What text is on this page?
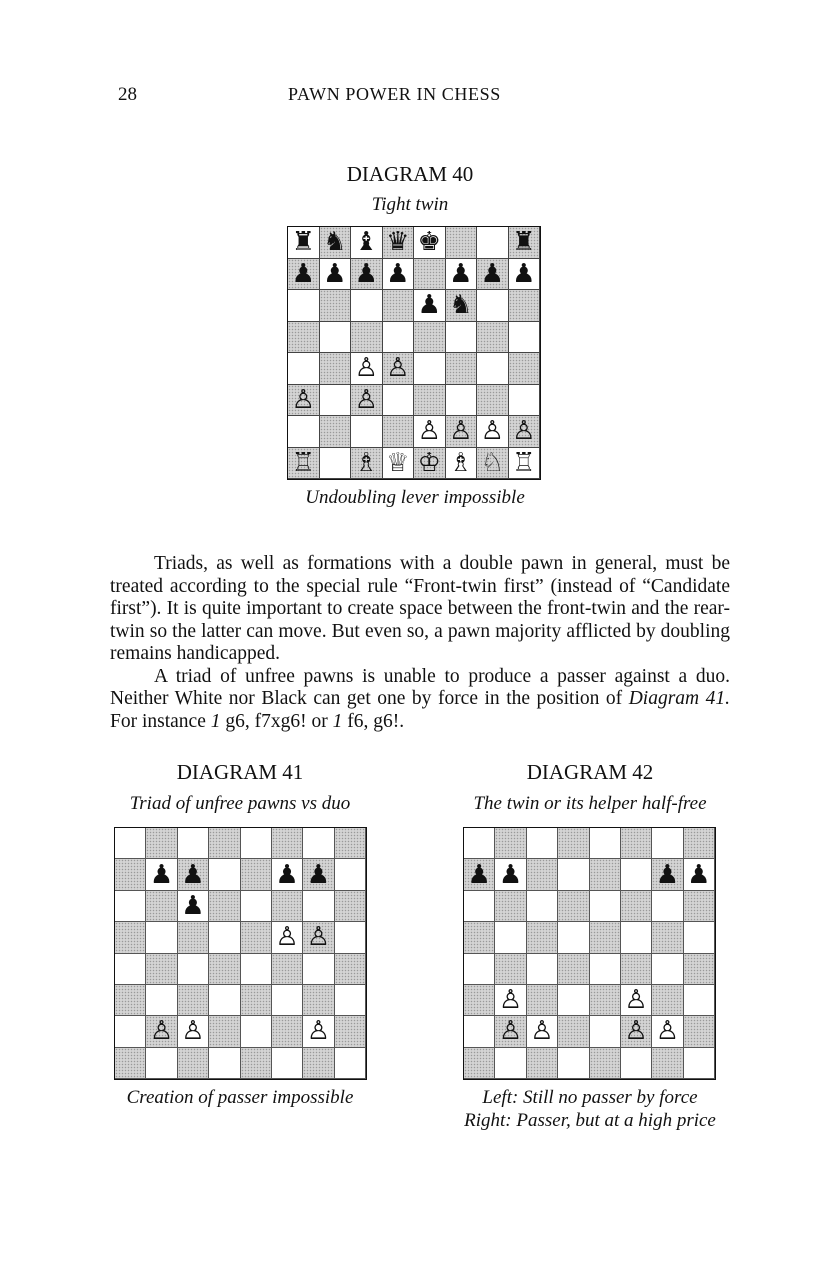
28	PAWN POWER IN CHESS
DIAGRAM 40
Tight twin
♜ ♞ ♝ ♛ ♚	♜
♟ ♟ ♟ ♟ ♟ ♟ ♟
♟ ♞
♙ ♙
♙ ♙
♙ ♙ ♙ ♙
♖ ♗ ♕ ♔ ♗ ♘ ♖
Undoubling lever impossible

Triads, as well as formations with a double pawn in general, must be treated according to the special rule “Front-twin first” (instead of “Candidate first”). It is quite important to create space between the front-twin and the rear-twin so the latter can move. But even so, a pawn majority afflicted by doubling remains handicapped.

A triad of unfree pawns is unable to produce a passer against a duo. Neither White nor Black can get one by force in the position of Diagram 41. For instance 1 g6, f7xg6! or 1 f6, g6!.

DIAGRAM 41
Triad of unfree pawns vs duo
♟ ♟	♟ ♟
♟
♙ ♙
♙ ♙	♙
Creation of passer impossible
DIAGRAM 42
The twin or its helper half-free
♟ ♟	♟ ♟
♙	♙
♙ ♙	♙ ♙
Left: Still no passer by force
Right: Passer, but at a high price
